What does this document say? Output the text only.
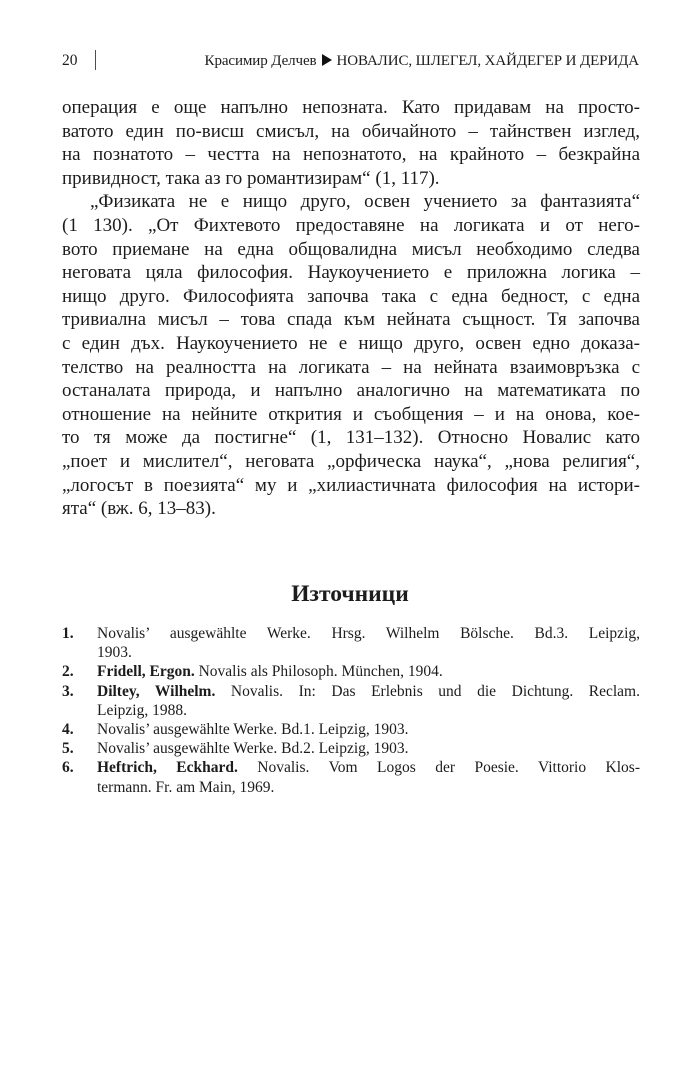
20	Красимир Делчев НОВАЛИС, ШЛЕГЕЛ, ХАЙДЕГЕР И ДЕРИДА

операция е още напълно непозната. Като придавам на просто-
ватото един по-висш смисъл, на обичайното – тайнствен изглед,
на познатото – честта на непознатото, на крайното – безкрайна
привидност, така аз го романтизирам“ (1, 117).

„Физиката не е нищо друго, освен учението за фантазията“
(1 130). „От Фихтевото предоставяне на логиката и от него-
вото приемане на една общовалидна мисъл необходимо следва
неговата цяла философия. Наукоучението е приложна логика –
нищо друго. Философията започва така с една бедност, с една
тривиална мисъл – това спада към нейната същност. Тя започва
с един дъх. Наукоучението не е нищо друго, освен едно доказа-
телство на реалността на логиката – на нейната взаимовръзка с
останалата природа, и напълно аналогично на математиката по
отношение на нейните открития и съобщения – и на онова, кое-
то тя може да постигне“ (1, 131–132). Относно Новалис като
„поет и мислител“, неговата „орфическа наука“, „нова религия“,
„логосът в поезията“ му и „хилиастичната философия на истори-
ята“ (вж. 6, 13–83).

Източници
1. Novalis’ ausgewählte Werke. Hrsg. Wilhelm Bölsche. Bd.3. Leipzig,
1903.
2. Fridell, Ergon. Novalis als Philosoph. München, 1904.
3. Diltey, Wilhelm. Novalis. In: Das Erlebnis und die Dichtung. Reclam.
Leipzig, 1988.
4. Novalis’ ausgewählte Werke. Bd.1. Leipzig, 1903.
5. Novalis’ ausgewählte Werke. Bd.2. Leipzig, 1903.
6. Heftrich, Eckhard. Novalis. Vom Logos der Poesie. Vittorio Klos-
termann. Fr. am Main, 1969.
